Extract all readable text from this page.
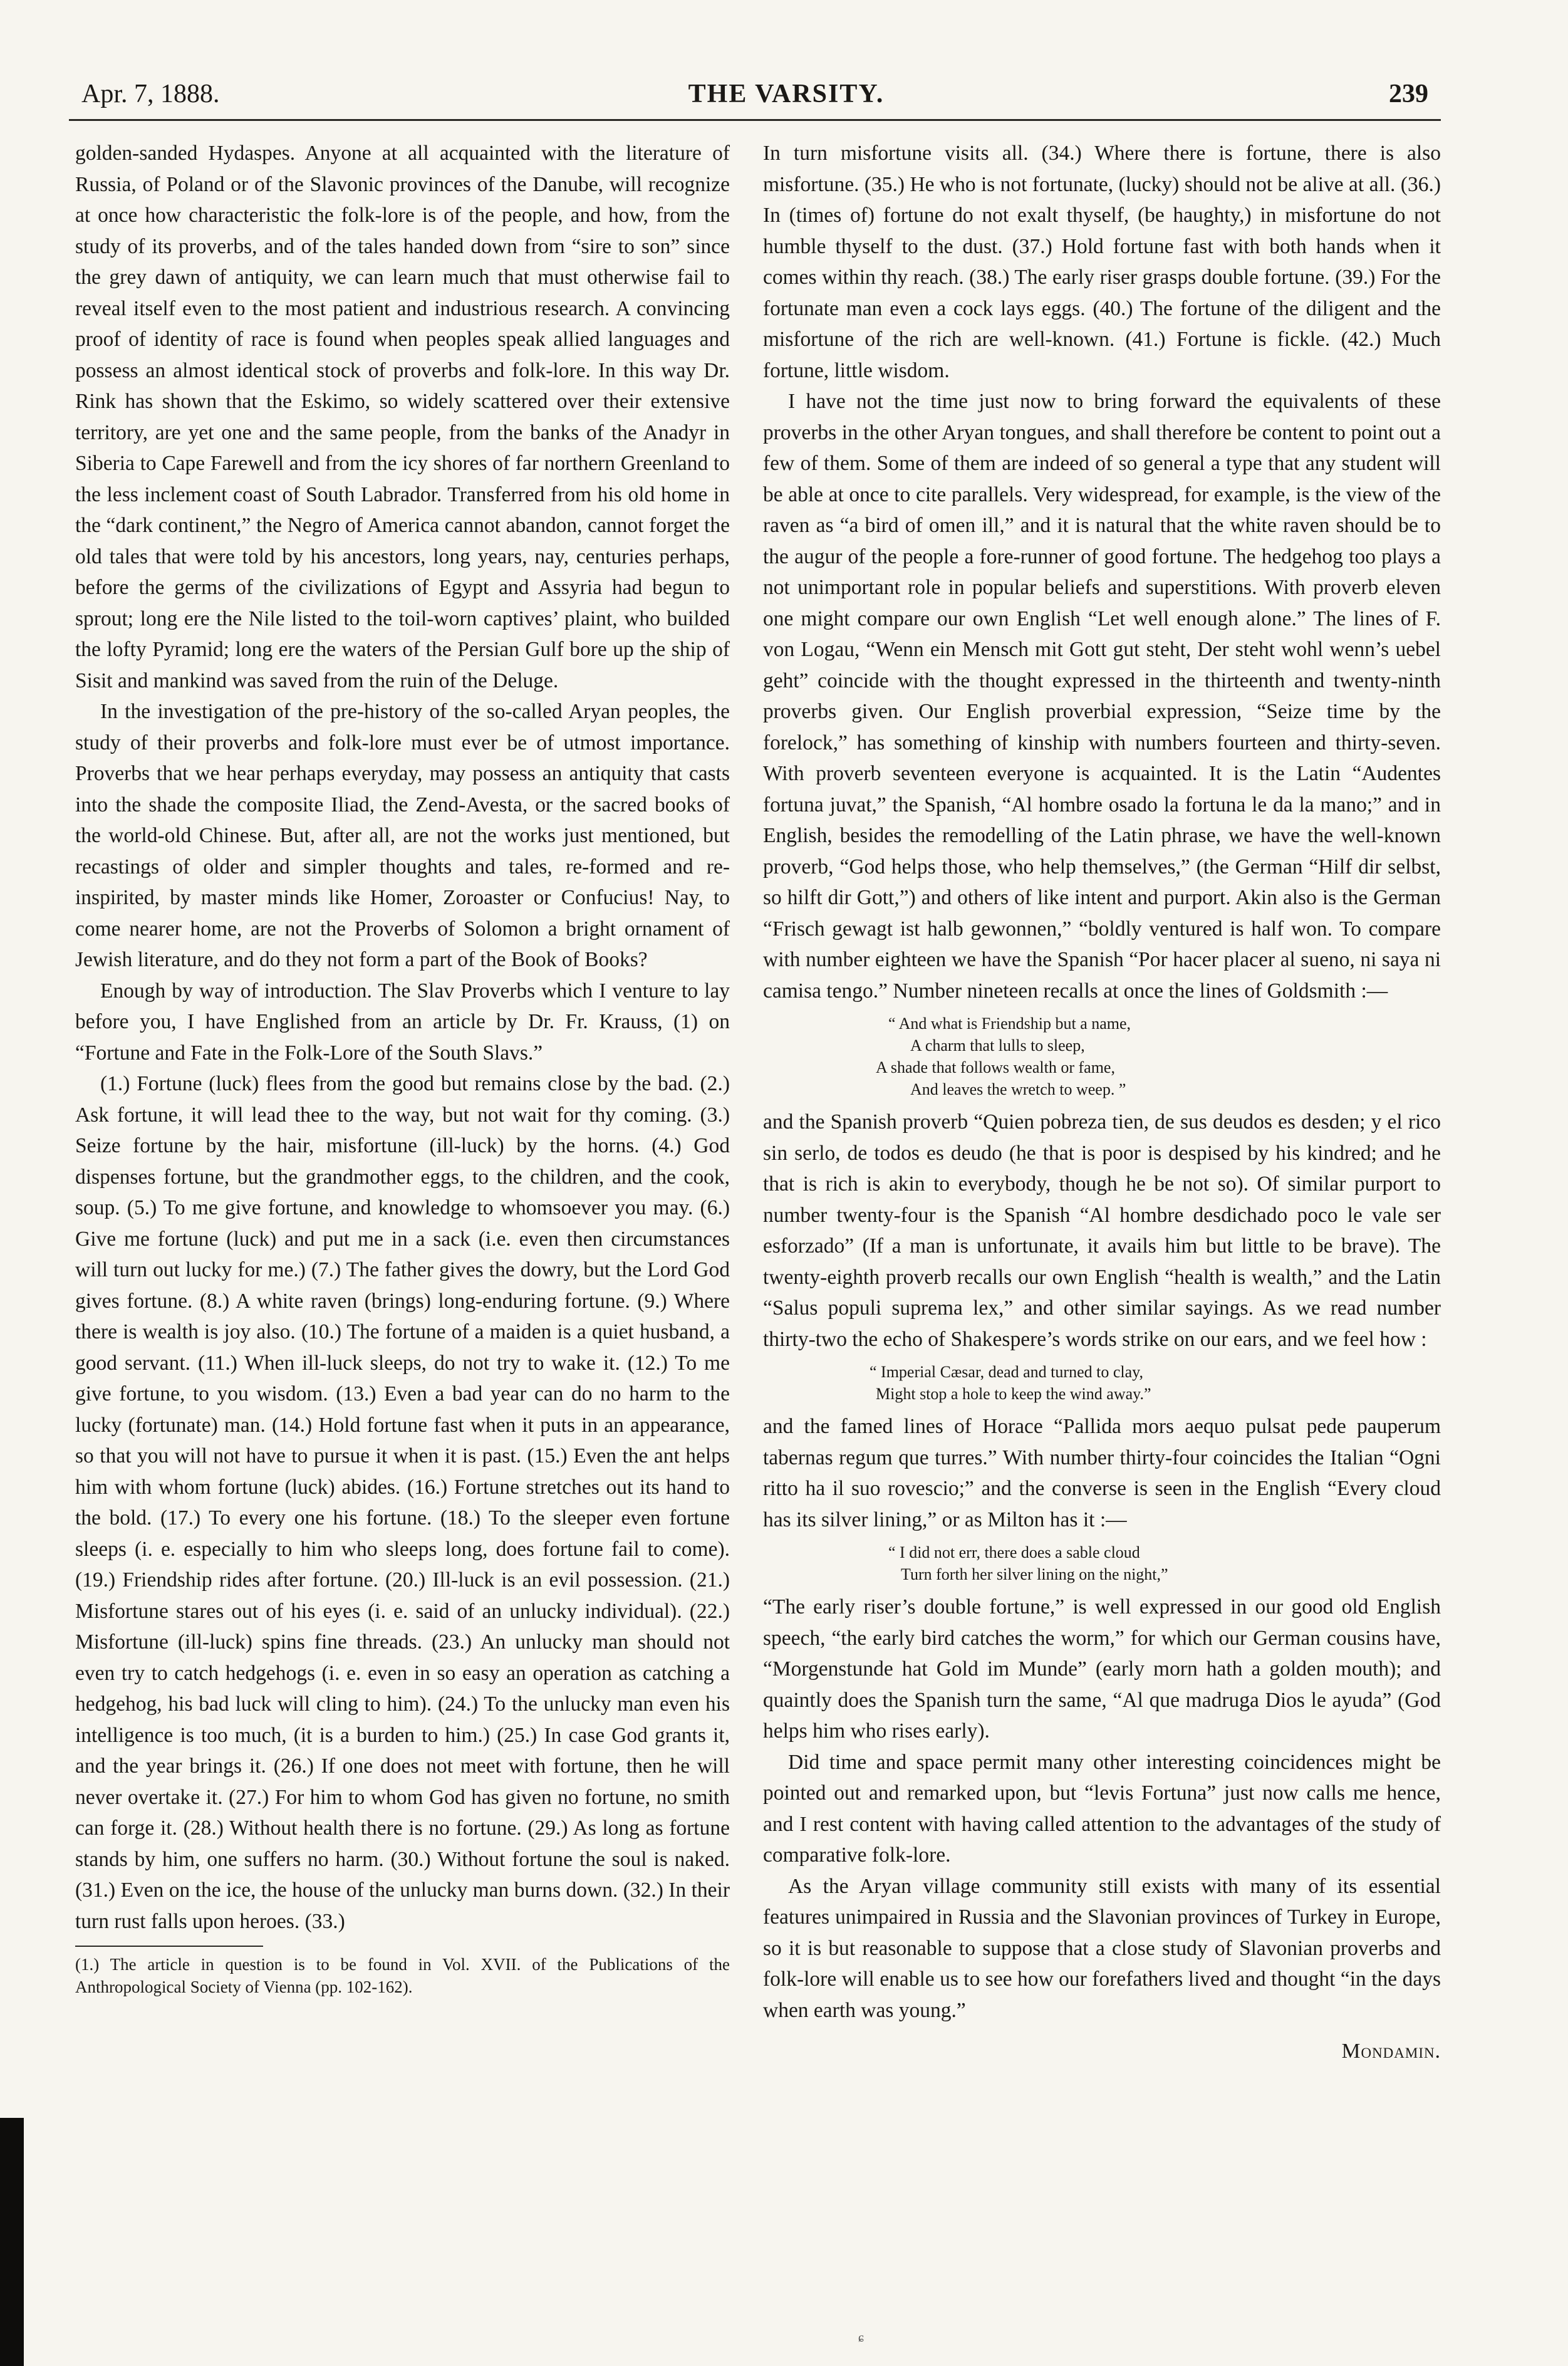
Apr. 7, 1888.	THE VARSITY.	239

golden-sanded Hydaspes. Anyone at all acquainted with the literature of Russia, of Poland or of the Slavonic provinces of the Danube, will recognize at once how characteristic the folk-lore is of the people, and how, from the study of its proverbs, and of the tales handed down from “sire to son” since the grey dawn of antiquity, we can learn much that must otherwise fail to reveal itself even to the most patient and industrious research. A convincing proof of identity of race is found when peoples speak allied languages and possess an almost identical stock of proverbs and folk-lore. In this way Dr. Rink has shown that the Eskimo, so widely scattered over their extensive territory, are yet one and the same people, from the banks of the Anadyr in Siberia to Cape Farewell and from the icy shores of far northern Greenland to the less inclement coast of South Labrador. Transferred from his old home in the “dark continent,” the Negro of America cannot abandon, cannot forget the old tales that were told by his ancestors, long years, nay, centuries perhaps, before the germs of the civilizations of Egypt and Assyria had begun to sprout; long ere the Nile listed to the toil-worn captives’ plaint, who builded the lofty Pyramid; long ere the waters of the Persian Gulf bore up the ship of Sisit and mankind was saved from the ruin of the Deluge.

In the investigation of the pre-history of the so-called Aryan peoples, the study of their proverbs and folk-lore must ever be of utmost importance. Proverbs that we hear perhaps everyday, may possess an antiquity that casts into the shade the composite Iliad, the Zend-Avesta, or the sacred books of the world-old Chinese. But, after all, are not the works just mentioned, but recastings of older and simpler thoughts and tales, re-formed and re-inspirited, by master minds like Homer, Zoroaster or Confucius! Nay, to come nearer home, are not the Proverbs of Solomon a bright ornament of Jewish literature, and do they not form a part of the Book of Books?

Enough by way of introduction. The Slav Proverbs which I venture to lay before you, I have Englished from an article by Dr. Fr. Krauss, (1) on “Fortune and Fate in the Folk-Lore of the South Slavs.”

(1.) Fortune (luck) flees from the good but remains close by the bad. (2.) Ask fortune, it will lead thee to the way, but not wait for thy coming. (3.) Seize fortune by the hair, misfortune (ill-luck) by the horns. (4.) God dispenses fortune, but the grandmother eggs, to the children, and the cook, soup. (5.) To me give fortune, and knowledge to whomsoever you may. (6.) Give me fortune (luck) and put me in a sack (i.e. even then circumstances will turn out lucky for me.) (7.) The father gives the dowry, but the Lord God gives fortune. (8.) A white raven (brings) long-enduring fortune. (9.) Where there is wealth is joy also. (10.) The fortune of a maiden is a quiet husband, a good servant. (11.) When ill-luck sleeps, do not try to wake it. (12.) To me give fortune, to you wisdom. (13.) Even a bad year can do no harm to the lucky (fortunate) man. (14.) Hold fortune fast when it puts in an appearance, so that you will not have to pursue it when it is past. (15.) Even the ant helps him with whom fortune (luck) abides. (16.) Fortune stretches out its hand to the bold. (17.) To every one his fortune. (18.) To the sleeper even fortune sleeps (i. e. especially to him who sleeps long, does fortune fail to come). (19.) Friendship rides after fortune. (20.) Ill-luck is an evil possession. (21.) Misfortune stares out of his eyes (i. e. said of an unlucky individual). (22.) Misfortune (ill-luck) spins fine threads. (23.) An unlucky man should not even try to catch hedgehogs (i. e. even in so easy an operation as catching a hedgehog, his bad luck will cling to him). (24.) To the unlucky man even his intelligence is too much, (it is a burden to him.) (25.) In case God grants it, and the year brings it. (26.) If one does not meet with fortune, then he will never overtake it. (27.) For him to whom God has given no fortune, no smith can forge it. (28.) Without health there is no fortune. (29.) As long as fortune stands by him, one suffers no harm. (30.) Without fortune the soul is naked. (31.) Even on the ice, the house of the unlucky man burns down. (32.) In their turn rust falls upon heroes. (33.)

(1.) The article in question is to be found in Vol. XVII. of the Publications of the Anthropological Society of Vienna (pp. 102-162).

In turn misfortune visits all. (34.) Where there is fortune, there is also misfortune. (35.) He who is not fortunate, (lucky) should not be alive at all. (36.) In (times of) fortune do not exalt thyself, (be haughty,) in misfortune do not humble thyself to the dust. (37.) Hold fortune fast with both hands when it comes within thy reach. (38.) The early riser grasps double fortune. (39.) For the fortunate man even a cock lays eggs. (40.) The fortune of the diligent and the misfortune of the rich are well-known. (41.) Fortune is fickle. (42.) Much fortune, little wisdom.

I have not the time just now to bring forward the equivalents of these proverbs in the other Aryan tongues, and shall therefore be content to point out a few of them. Some of them are indeed of so general a type that any student will be able at once to cite parallels. Very widespread, for example, is the view of the raven as “a bird of omen ill,” and it is natural that the white raven should be to the augur of the people a fore-runner of good fortune. The hedgehog too plays a not unimportant role in popular beliefs and superstitions. With proverb eleven one might compare our own English “Let well enough alone.” The lines of F. von Logau, “Wenn ein Mensch mit Gott gut steht, Der steht wohl wenn’s uebel geht” coincide with the thought expressed in the thirteenth and twenty-ninth proverbs given. Our English proverbial expression, “Seize time by the forelock,” has something of kinship with numbers fourteen and thirty-seven. With proverb seventeen everyone is acquainted. It is the Latin “Audentes fortuna juvat,” the Spanish, “Al hombre osado la fortuna le da la mano;” and in English, besides the remodelling of the Latin phrase, we have the well-known proverb, “God helps those, who help themselves,” (the German “Hilf dir selbst, so hilft dir Gott,”) and others of like intent and purport. Akin also is the German “Frisch gewagt ist halb gewonnen,” “boldly ventured is half won. To compare with number eighteen we have the Spanish “Por hacer placer al sueno, ni saya ni camisa tengo.” Number nineteen recalls at once the lines of Goldsmith :—

“ And what is Friendship but a name,
A charm that lulls to sleep,
A shade that follows wealth or fame,
And leaves the wretch to weep. ”

and the Spanish proverb “Quien pobreza tien, de sus deudos es desden; y el rico sin serlo, de todos es deudo (he that is poor is despised by his kindred; and he that is rich is akin to everybody, though he be not so). Of similar purport to number twenty-four is the Spanish “Al hombre desdichado poco le vale ser esforzado” (If a man is unfortunate, it avails him but little to be brave). The twenty-eighth proverb recalls our own English “health is wealth,” and the Latin “Salus populi suprema lex,” and other similar sayings. As we read number thirty-two the echo of Shakespere’s words strike on our ears, and we feel how :

“ Imperial Cæsar, dead and turned to clay,
Might stop a hole to keep the wind away.”

and the famed lines of Horace “Pallida mors aequo pulsat pede pauperum tabernas regum que turres.” With number thirty-four coincides the Italian “Ogni ritto ha il suo rovescio;” and the converse is seen in the English “Every cloud has its silver lining,” or as Milton has it :—

“ I did not err, there does a sable cloud
Turn forth her silver lining on the night,”

“The early riser’s double fortune,” is well expressed in our good old English speech, “the early bird catches the worm,” for which our German cousins have, “Morgenstunde hat Gold im Munde” (early morn hath a golden mouth); and quaintly does the Spanish turn the same, “Al que madruga Dios le ayuda” (God helps him who rises early).

Did time and space permit many other interesting coincidences might be pointed out and remarked upon, but “levis Fortuna” just now calls me hence, and I rest content with having called attention to the advantages of the study of comparative folk-lore.

As the Aryan village community still exists with many of its essential features unimpaired in Russia and the Slavonian provinces of Turkey in Europe, so it is but reasonable to suppose that a close study of Slavonian proverbs and folk-lore will enable us to see how our forefathers lived and thought “in the days when earth was young.”

Mondamin.
ɕ
